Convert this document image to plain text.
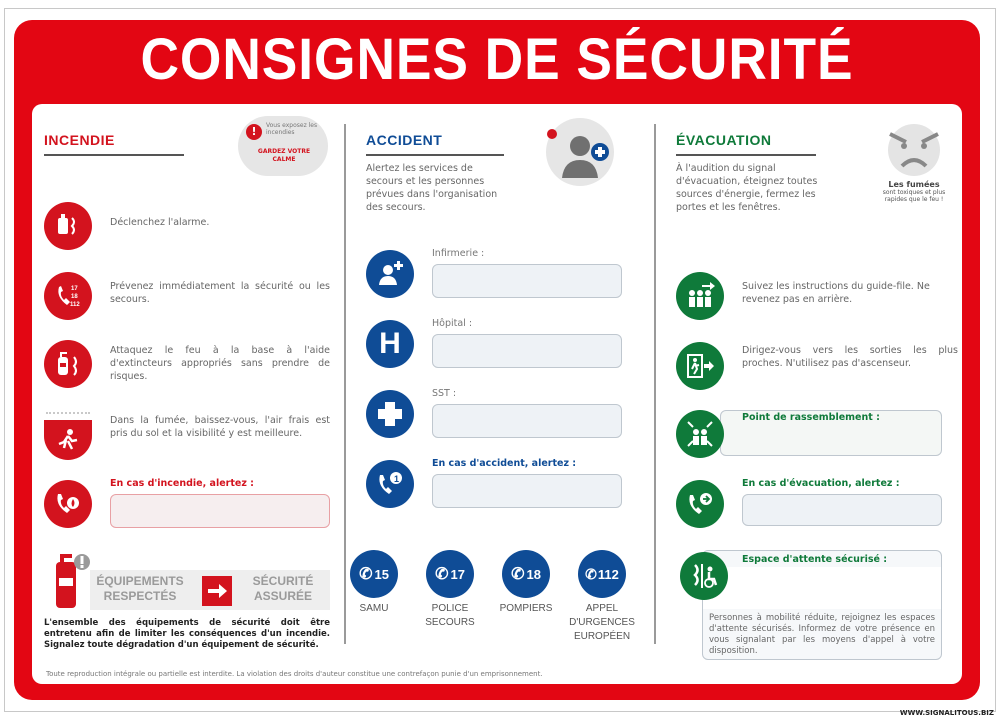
CONSIGNES DE SÉCURITÉ
INCENDIE
!	Vous exposez les incendies
GARDEZ VOTRE CALME
Déclenchez l'alarme.
17
18
112
Prévenez immédiatement la sécurité ou les secours.
Attaquez le feu à la base à l'aide d'extincteurs appropriés sans prendre de risques.
Dans la fumée, baissez-vous, l'air frais est pris du sol et la visibilité y est meilleure.
En cas d'incendie, alertez :
ÉQUIPEMENTS RESPECTÉS
SÉCURITÉ ASSURÉE
L'ensemble des équipements de sécurité doit être entretenu afin de limiter les conséquences d'un incendie. Signalez toute dégradation d'un équipement de sécurité.
ACCIDENT
Alertez les services de secours et les personnes prévues dans l'organisation des secours.
Infirmerie :
H
Hôpital :
SST :
1
En cas d'accident, alertez :
✆ 15
SAMU
✆ 17
POLICE SECOURS
✆ 18
POMPIERS
✆ 112
APPEL D'URGENCES EUROPÉEN
ÉVACUATION
À l'audition du signal d'évacuation, éteignez toutes sources d'énergie, fermez les portes et les fenêtres.
Les fumées
sont toxiques et plus rapides que le feu !
Suivez les instructions du guide-file. Ne revenez pas en arrière.
Dirigez-vous vers les sorties les plus proches. N'utilisez pas d'ascenseur.
Point de rassemblement :
En cas d'évacuation, alertez :
Personnes à mobilité réduite, rejoignez les espaces d'attente sécurisés. Informez de votre présence en vous signalant par les moyens d'appel à votre disposition.
Espace d'attente sécurisé :
Toute reproduction intégrale ou partielle est interdite. La violation des droits d'auteur constitue une contrefaçon punie d'un emprisonnement.
WWW.SIGNALITOUS.BIZ
